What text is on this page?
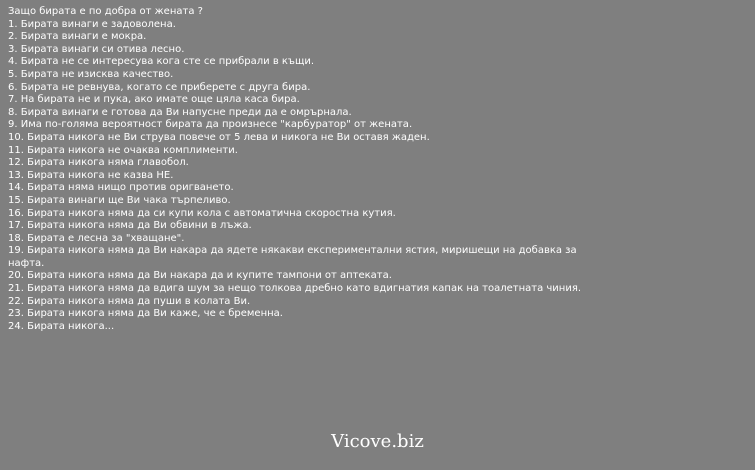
Защо бирата е по добра от жената ?
1. Бирата винаги е задоволена.
2. Бирата винаги е мокра.
3. Бирата винаги си отива лесно.
4. Бирата не се интересува кога сте се прибрали в къщи.
5. Бирата не изисква качество.
6. Бирата не ревнува, когато се приберете с друга бира.
7. На бирата не и пука, ако имате още цяла каса бира.
8. Бирата винаги е готова да Ви напусне преди да е омрърнала.
9. Има по-голяма вероятност бирата да произнесе "карбуратор" от жената.
10. Бирата никога не Ви струва повече от 5 лева и никога не Ви оставя жаден.
11. Бирата никога не очаква комплименти.
12. Бирата никога няма главобол.
13. Бирата никога не казва НЕ.
14. Бирата няма нищо против оригването.
15. Бирата винаги ще Ви чака търпеливо.
16. Бирата никога няма да си купи кола с автоматична скоростна кутия.
17. Бирата никога няма да Ви обвини в лъжа.
18. Бирата е лесна за "хващане".
19. Бирата никога няма да Ви накара да ядете някакви експериментални ястия, миришещи на добавка за нафта.
20. Бирата никога няма да Ви накара да и купите тампони от аптеката.
21. Бирата никога няма да вдига шум за нещо толкова дребно като вдигнатия капак на тоалетната чиния.
22. Бирата никога няма да пуши в колата Ви.
23. Бирата никога няма да Ви каже, че е бременна.
24. Бирата никога...
Vicove.biz
